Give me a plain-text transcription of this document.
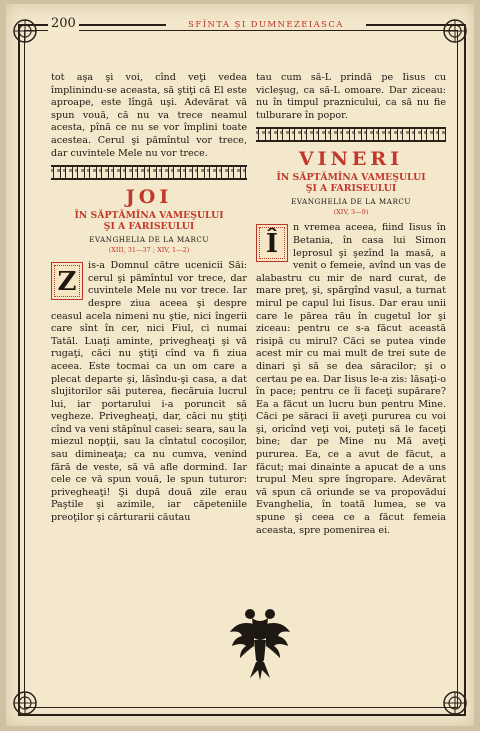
200	SFÎNTA ȘI DUMNEZEIASCA

tot aşa şi voi, cînd veţi vedea împlinindu-se aceasta, să ştiţi că El este aproape, este lîngă uşi. Adevărat vă spun vouă, că nu va trece neamul acesta, pînă ce nu se vor împlini toate acestea. Cerul şi pămîntul vor trece, dar cuvintele Mele nu vor trece.

JOI

ÎN SĂPTĂMÎNA VAMEŞULUI

ŞI A FARISEULUI

EVANGHELIA DE LA MARCU

(XIII, 31—37 ; XIV, 1—2)

Z

is-a Domnul către ucenicii Săi: cerul şi pămîntul vor trece, dar cuvintele Mele nu vor trece. Iar despre ziua aceea şi despre ceasul acela nimeni nu ştie, nici îngerii care sînt în cer, nici Fiul, ci numai Tatăl. Luaţi aminte, privegheaţi şi vă rugaţi, căci nu ştiţi cînd va fi ziua aceea. Este tocmai ca un om care a plecat departe şi, lăsîndu-şi casa, a dat slujitorilor săi puterea, fiecăruia lucrul lui, iar portarului i-a poruncit să vegheze. Privegheaţi, dar, căci nu ştiţi cînd va veni stăpînul casei: seara, sau la miezul nopţii, sau la cîntatul cocoşilor, sau dimineaţa; ca nu cumva, venind fără de veste, să vă afle dormind. Iar cele ce vă spun vouă, le spun tuturor: privegheaţi! Şi după două zile erau Paştile şi azimile, iar căpeteniile preoţilor şi cărturarii căutau

tau cum să-L prindă pe Iisus cu vicleşug, ca să-L omoare. Dar ziceau: nu în timpul praznicului, ca să nu fie tulburare în popor.

VINERI

ÎN SĂPTĂMÎNA VAMEŞULUI

ŞI A FARISEULUI

EVANGHELIA DE LA MARCU

(XIV, 3—9)

Î

n vremea aceea, fiind Iisus în Betania, în casa lui Simon leprosul şi şezînd la masă, a venit o femeie, avînd un vas de alabastru cu mir de nard curat, de mare preţ, şi, spărgînd vasul, a turnat mirul pe capul lui Iisus. Dar erau unii care le părea rău în cugetul lor şi ziceau: pentru ce s-a făcut această risipă cu mirul? Căci se putea vinde acest mir cu mai mult de trei sute de dinari şi să se dea săracilor; şi o certau pe ea. Dar Iisus le-a zis: lăsaţi-o în pace; pentru ce îi faceţi supărare? Ea a făcut un lucru bun pentru Mine. Căci pe săraci îi aveţi pururea cu voi şi, oricînd veţi voi, puteţi să le faceţi bine; dar pe Mine nu Mă aveţi pururea. Ea, ce a avut de făcut, a făcut; mai dinainte a apucat de a uns trupul Meu spre îngropare. Adevărat vă spun că oriunde se va propovădui Evanghelia, în toată lumea, se va spune şi ceea ce a făcut femeia aceasta, spre pomenirea ei.
